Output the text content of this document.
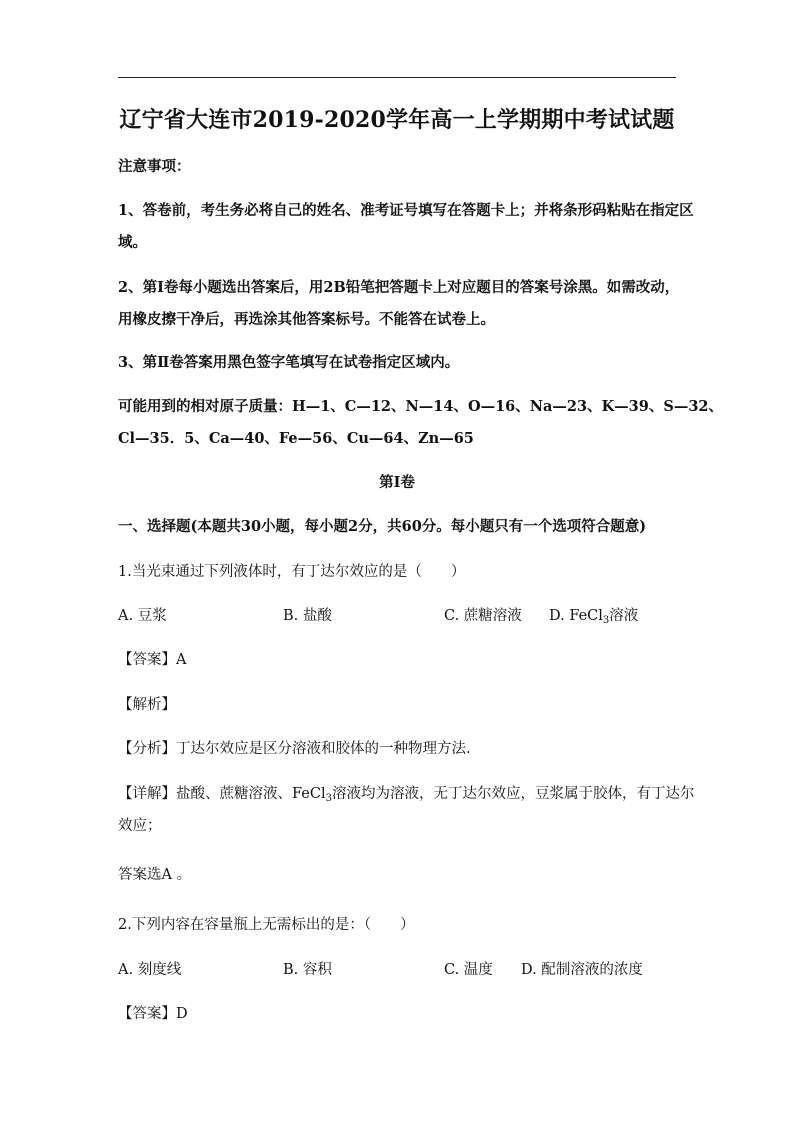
辽宁省大连市2019-2020学年高一上学期期中考试试题
注意事项：
1、答卷前，考生务必将自己的姓名、准考证号填写在答题卡上；并将条形码粘贴在指定区
域。
2、第Ⅰ卷每小题选出答案后，用2B铅笔把答题卡上对应题目的答案号涂黑。如需改动，
用橡皮擦干净后，再选涂其他答案标号。不能答在试卷上。
3、第Ⅱ卷答案用黑色签字笔填写在试卷指定区域内。
可能用到的相对原子质量：H—1、C—12、N—14、O—16、Na—23、K—39、S—32、
Cl—35．5、Ca—40、Fe—56、Cu—64、Zn—65
第Ⅰ卷
一、选择题(本题共30小题，每小题2分，共60分。每小题只有一个选项符合题意)
1.当光束通过下列液体时，有丁达尔效应的是（　　）
A. 豆浆	B. 盐酸	C. 蔗糖溶液 D. FeCl$_3$溶液
【答案】A
【解析】
【分析】丁达尔效应是区分溶液和胶体的一种物理方法.
【详解】盐酸、蔗糖溶液、FeCl$_3$溶液均为溶液，无丁达尔效应，豆浆属于胶体，有丁达尔
效应；
答案选A 。
2.下列内容在容量瓶上无需标出的是：（　　）
A. 刻度线	B. 容积	C. 温度 D. 配制溶液的浓度
【答案】D
